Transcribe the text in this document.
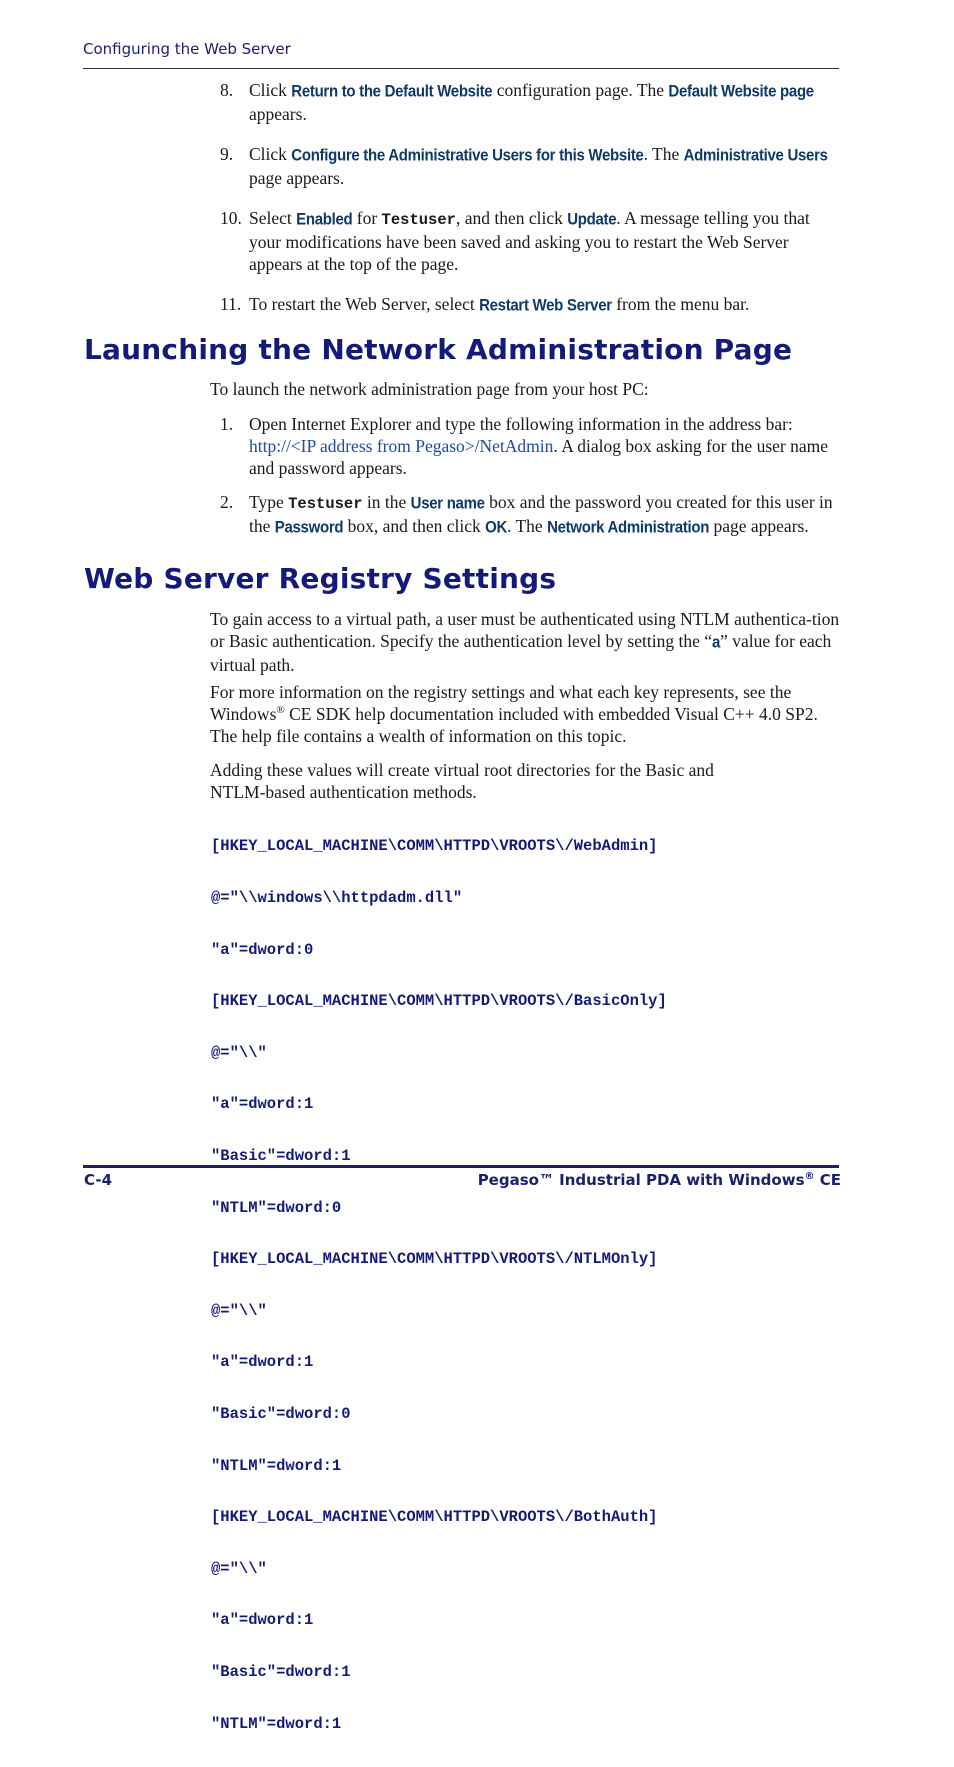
Configuring the Web Server
8. Click Return to the Default Website configuration page. The Default Website page appears.
9. Click Configure the Administrative Users for this Website. The Administrative Users page appears.
10. Select Enabled for Testuser, and then click Update. A message telling you that your modifications have been saved and asking you to restart the Web Server appears at the top of the page.
11. To restart the Web Server, select Restart Web Server from the menu bar.
Launching the Network Administration Page
To launch the network administration page from your host PC:
1. Open Internet Explorer and type the following information in the address bar: http://<IP address from Pegaso>/NetAdmin. A dialog box asking for the user name and password appears.
2. Type Testuser in the User name box and the password you created for this user in the Password box, and then click OK. The Network Administration page appears.
Web Server Registry Settings

To gain access to a virtual path, a user must be authenticated using NTLM authentica-tion or Basic authentication. Specify the authentication level by setting the “a” value for each virtual path.

For more information on the registry settings and what each key represents, see the Windows® CE SDK help documentation included with embedded Visual C++ 4.0 SP2. The help file contains a wealth of information on this topic.

Adding these values will create virtual root directories for the Basic and NTLM-based authentication methods.

[HKEY_LOCAL_MACHINE\COMM\HTTPD\VROOTS\/WebAdmin]

@="\\windows\\httpdadm.dll"

"a"=dword:0

[HKEY_LOCAL_MACHINE\COMM\HTTPD\VROOTS\/BasicOnly]

@="\\"

"a"=dword:1

"Basic"=dword:1

"NTLM"=dword:0

[HKEY_LOCAL_MACHINE\COMM\HTTPD\VROOTS\/NTLMOnly]

@="\\"

"a"=dword:1

"Basic"=dword:0

"NTLM"=dword:1

[HKEY_LOCAL_MACHINE\COMM\HTTPD\VROOTS\/BothAuth]

@="\\"

"a"=dword:1

"Basic"=dword:1

"NTLM"=dword:1

C-4	Pegaso™ Industrial PDA with Windows® CE
